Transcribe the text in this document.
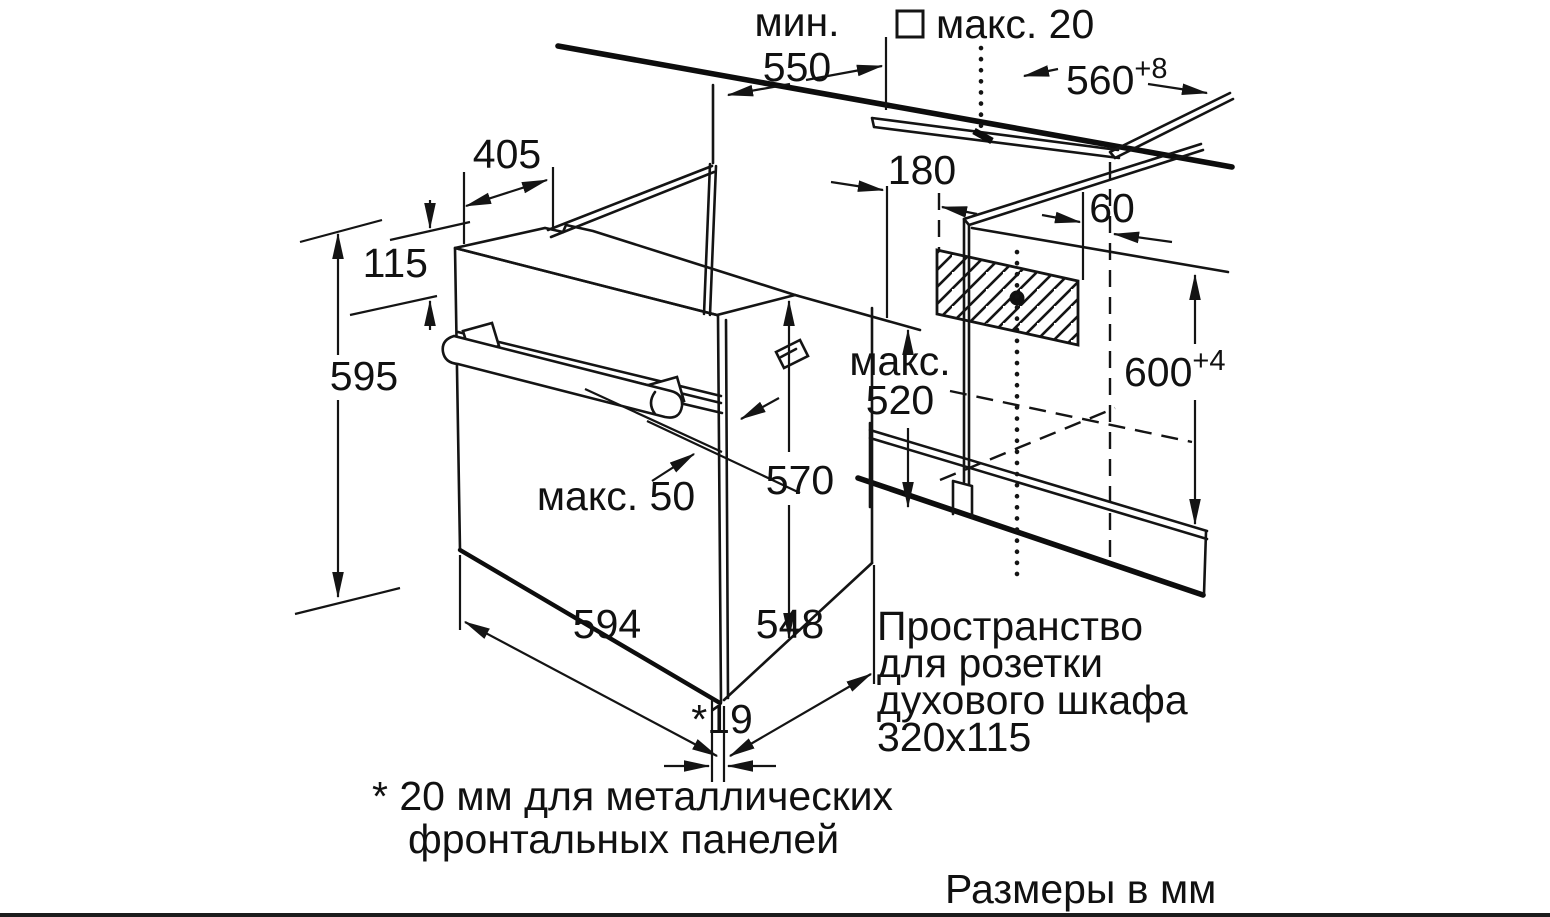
мин.
550
макс. 20
560+8
405
115
595
180
60
макс.
520
600+4
макс. 50 570
594	548
*19
Пространство
для розетки
духового шкафа
320x115
* 20 мм для металлических
фронтальных панелей
Размеры в мм
